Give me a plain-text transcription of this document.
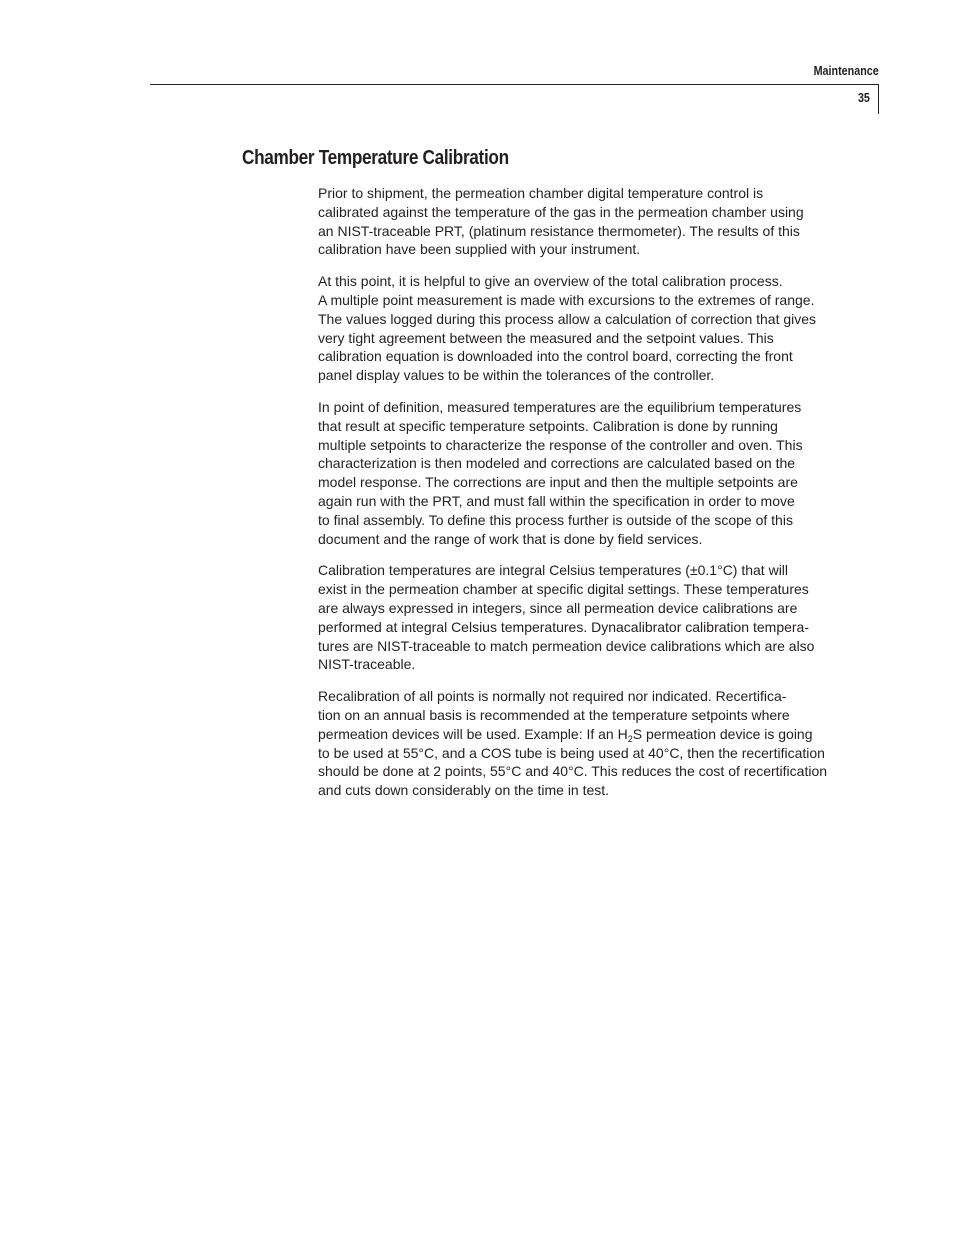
Maintenance
35
Chamber Temperature Calibration

Prior to shipment, the permeation chamber digital temperature control is
calibrated against the temperature of the gas in the permeation chamber using
an NIST-traceable PRT, (platinum resistance thermometer). The results of this
calibration have been supplied with your instrument.

At this point, it is helpful to give an overview of the total calibration process.
A multiple point measurement is made with excursions to the extremes of range.
The values logged during this process allow a calculation of correction that gives
very tight agreement between the measured and the setpoint values. This
calibration equation is downloaded into the control board, correcting the front
panel display values to be within the tolerances of the controller.

In point of definition, measured temperatures are the equilibrium temperatures
that result at specific temperature setpoints. Calibration is done by running
multiple setpoints to characterize the response of the controller and oven. This
characterization is then modeled and corrections are calculated based on the
model response. The corrections are input and then the multiple setpoints are
again run with the PRT, and must fall within the specification in order to move
to final assembly. To define this process further is outside of the scope of this
document and the range of work that is done by field services.

Calibration temperatures are integral Celsius temperatures (±0.1°C) that will
exist in the permeation chamber at specific digital settings. These temperatures
are always expressed in integers, since all permeation device calibrations are
performed at integral Celsius temperatures. Dynacalibrator calibration tempera-
tures are NIST-traceable to match permeation device calibrations which are also
NIST-traceable.

Recalibration of all points is normally not required nor indicated. Recertifica-
tion on an annual basis is recommended at the temperature setpoints where
permeation devices will be used. Example: If an $H_2S$ permeation device is going
to be used at 55°C, and a COS tube is being used at 40°C, then the recertification
should be done at 2 points, 55°C and 40°C. This reduces the cost of recertification
and cuts down considerably on the time in test.
